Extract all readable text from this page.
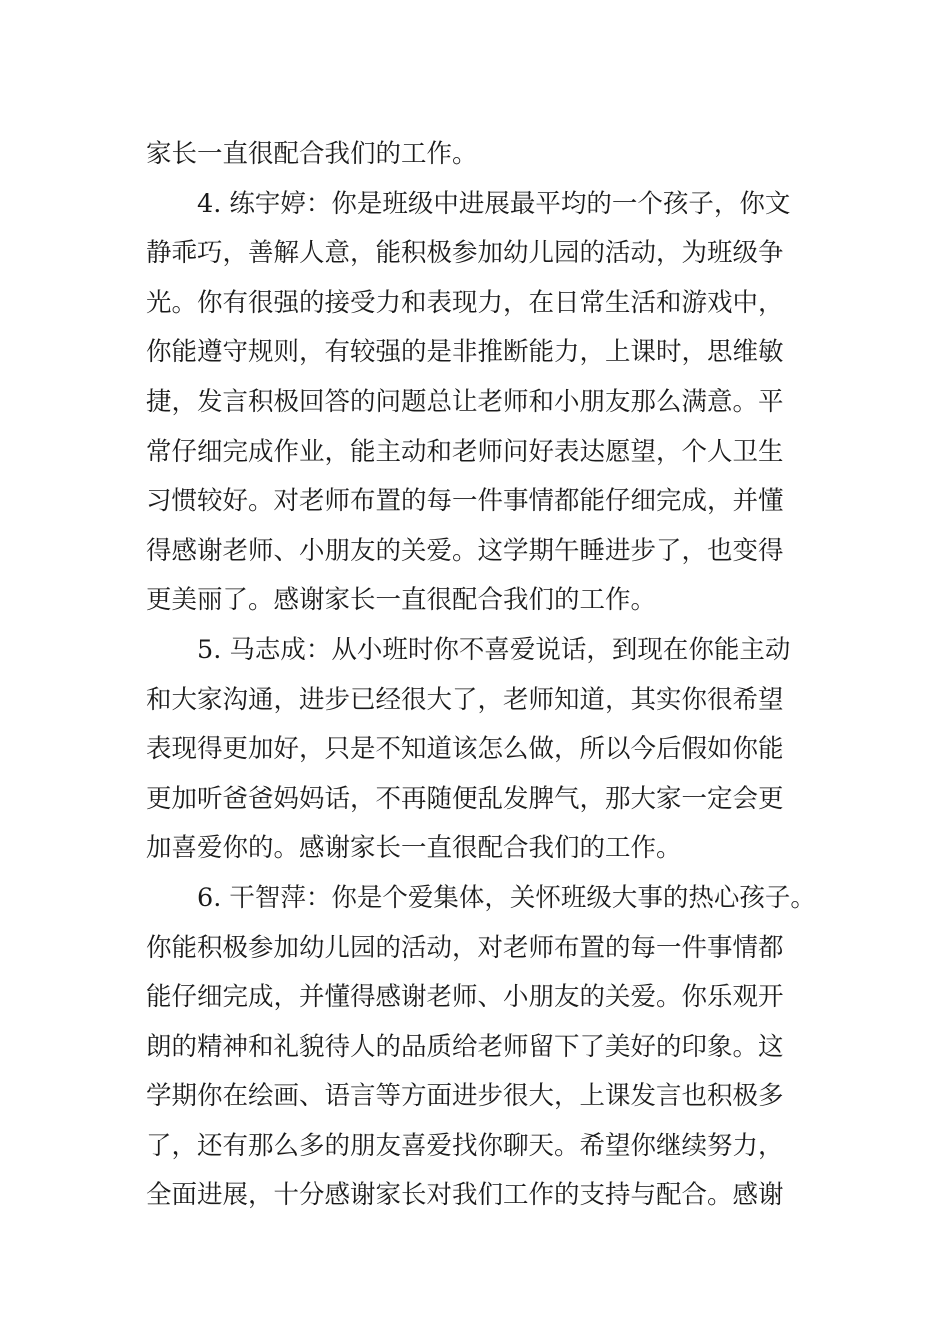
家长一直很配合我们的工作。
4. 练宇婷：你是班级中进展最平均的一个孩子，你文
静乖巧，善解人意，能积极参加幼儿园的活动，为班级争
光。你有很强的接受力和表现力，在日常生活和游戏中，
你能遵守规则，有较强的是非推断能力，上课时，思维敏
捷，发言积极回答的问题总让老师和小朋友那么满意。平
常仔细完成作业，能主动和老师问好表达愿望，个人卫生
习惯较好。对老师布置的每一件事情都能仔细完成，并懂
得感谢老师、小朋友的关爱。这学期午睡进步了，也变得
更美丽了。感谢家长一直很配合我们的工作。
5. 马志成：从小班时你不喜爱说话，到现在你能主动
和大家沟通，进步已经很大了，老师知道，其实你很希望
表现得更加好，只是不知道该怎么做，所以今后假如你能
更加听爸爸妈妈话，不再随便乱发脾气，那大家一定会更
加喜爱你的。感谢家长一直很配合我们的工作。
6. 干智萍：你是个爱集体，关怀班级大事的热心孩子。
你能积极参加幼儿园的活动，对老师布置的每一件事情都
能仔细完成，并懂得感谢老师、小朋友的关爱。你乐观开
朗的精神和礼貌待人的品质给老师留下了美好的印象。这
学期你在绘画、语言等方面进步很大，上课发言也积极多
了，还有那么多的朋友喜爱找你聊天。希望你继续努力，
全面进展，十分感谢家长对我们工作的支持与配合。感谢
